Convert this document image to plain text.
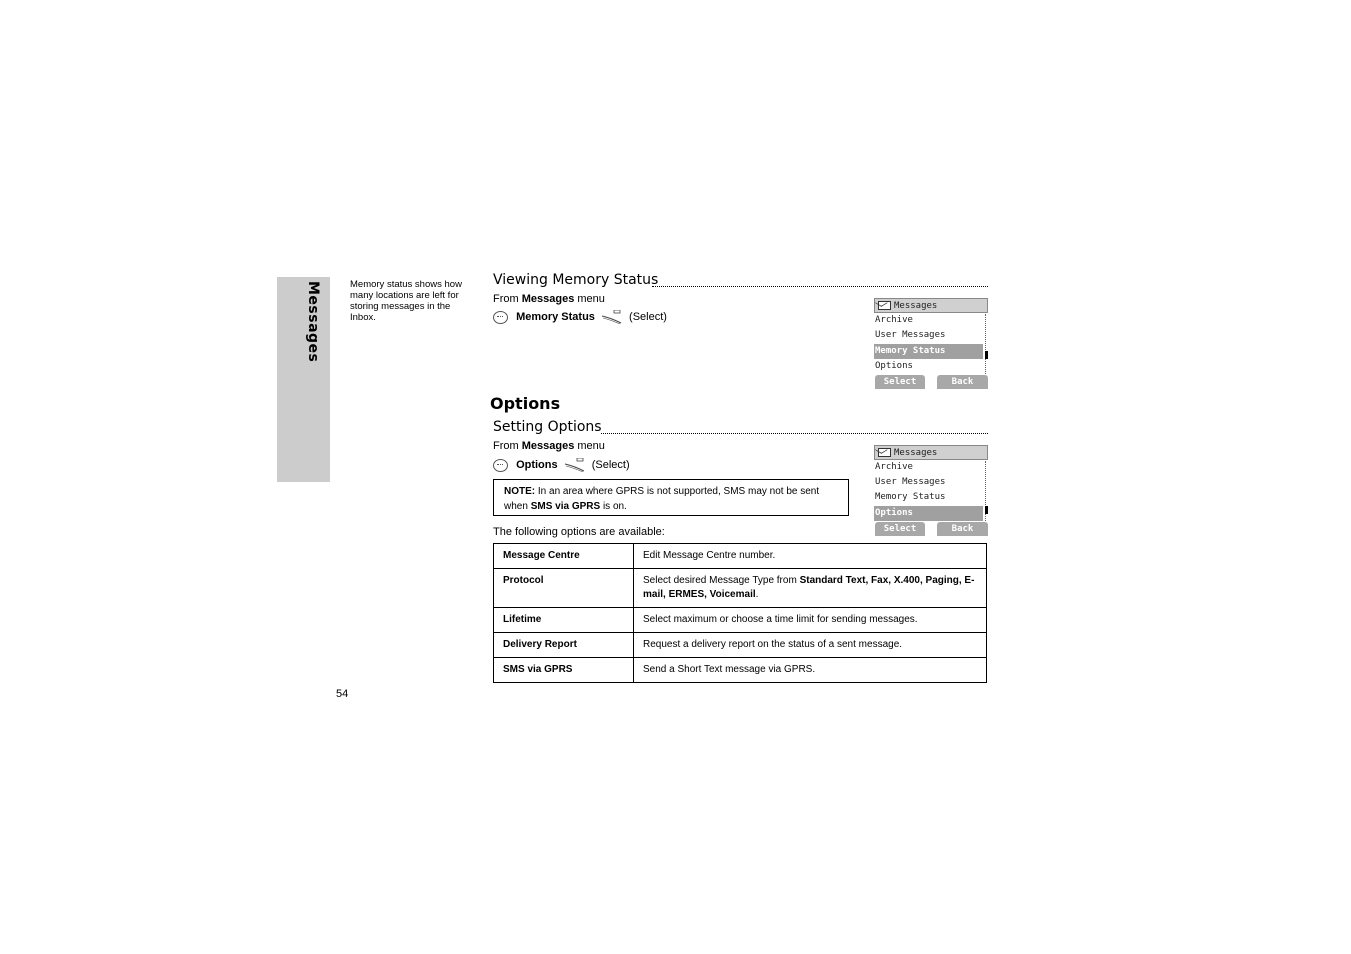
Messages	Memory status shows how many locations are left for storing messages in the Inbox.
Viewing Memory Status
From Messages menu
Memory Status	(Select)
Messages
Archive
User Messages
Memory Status
Options
Select	Back
Options
Setting Options
From Messages menu
Options	(Select)
NOTE: In an area where GPRS is not supported, SMS may not be sent when SMS via GPRS is on.
Messages
Archive
User Messages
Memory Status
Options
Select	Back
The following options are available:
Message Centre	Edit Message Centre number.
Protocol	Select desired Message Type from Standard Text, Fax, X.400, Paging, E-mail, ERMES, Voicemail.
Lifetime	Select maximum or choose a time limit for sending messages.
Delivery Report	Request a delivery report on the status of a sent message.
SMS via GPRS	Send a Short Text message via GPRS.
54
